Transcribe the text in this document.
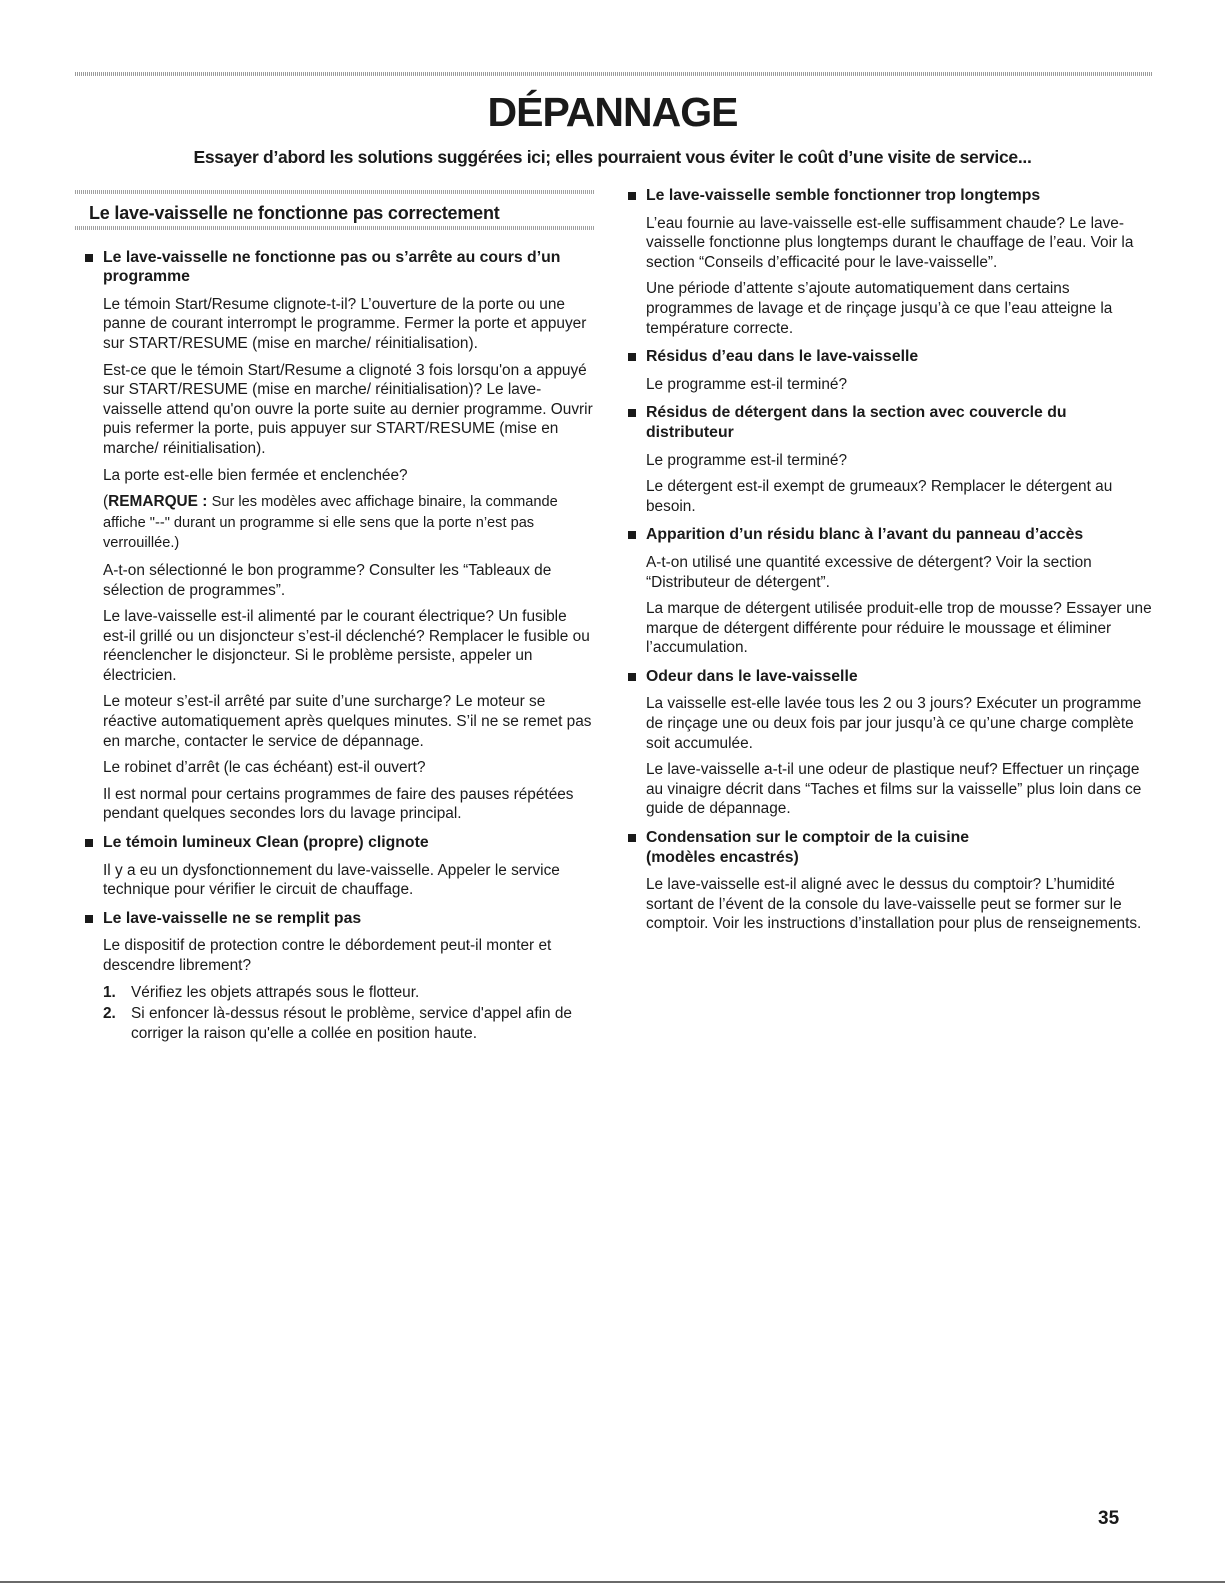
DÉPANNAGE

Essayer d’abord les solutions suggérées ici; elles pourraient vous éviter le coût d’une visite de service...

Le lave-vaisselle ne fonctionne pas correctement

Le lave-vaisselle ne fonctionne pas ou s’arrête au cours d’un programme

Le témoin Start/Resume clignote-t-il? L’ouverture de la porte ou une panne de courant interrompt le programme. Fermer la porte et appuyer sur START/RESUME (mise en marche/ réinitialisation).

Est-ce que le témoin Start/Resume a clignoté 3 fois lorsqu'on a appuyé sur START/RESUME (mise en marche/ réinitialisation)? Le lave-vaisselle attend qu'on ouvre la porte suite au dernier programme. Ouvrir puis refermer la porte, puis appuyer sur START/RESUME (mise en marche/ réinitialisation).

La porte est-elle bien fermée et enclenchée?

(REMARQUE : Sur les modèles avec affichage binaire, la commande affiche "--" durant un programme si elle sens que la porte n’est pas verrouillée.)

A-t-on sélectionné le bon programme? Consulter les “Tableaux de sélection de programmes”.

Le lave-vaisselle est-il alimenté par le courant électrique? Un fusible est-il grillé ou un disjoncteur s’est-il déclenché? Remplacer le fusible ou réenclencher le disjoncteur. Si le problème persiste, appeler un électricien.

Le moteur s’est-il arrêté par suite d’une surcharge? Le moteur se réactive automatiquement après quelques minutes. S’il ne se remet pas en marche, contacter le service de dépannage.

Le robinet d’arrêt (le cas échéant) est-il ouvert?

Il est normal pour certains programmes de faire des pauses répétées pendant quelques secondes lors du lavage principal.

Le témoin lumineux Clean (propre) clignote

Il y a eu un dysfonctionnement du lave-vaisselle. Appeler le service technique pour vérifier le circuit de chauffage.

Le lave-vaisselle ne se remplit pas

Le dispositif de protection contre le débordement peut-il monter et descendre librement?

1. Vérifiez les objets attrapés sous le flotteur.
2. Si enfoncer là-dessus résout le problème, service d'appel afin de corriger la raison qu'elle a collée en position haute.

Le lave-vaisselle semble fonctionner trop longtemps

L’eau fournie au lave-vaisselle est-elle suffisamment chaude? Le lave-vaisselle fonctionne plus longtemps durant le chauffage de l’eau. Voir la section “Conseils d’efficacité pour le lave-vaisselle”.

Une période d’attente s’ajoute automatiquement dans certains programmes de lavage et de rinçage jusqu’à ce que l’eau atteigne la température correcte.

Résidus d’eau dans le lave-vaisselle

Le programme est-il terminé?

Résidus de détergent dans la section avec couvercle du distributeur

Le programme est-il terminé?

Le détergent est-il exempt de grumeaux? Remplacer le détergent au besoin.

Apparition d’un résidu blanc à l’avant du panneau d’accès

A-t-on utilisé une quantité excessive de détergent? Voir la section “Distributeur de détergent”.

La marque de détergent utilisée produit-elle trop de mousse? Essayer une marque de détergent différente pour réduire le moussage et éliminer l’accumulation.

Odeur dans le lave-vaisselle

La vaisselle est-elle lavée tous les 2 ou 3 jours? Exécuter un programme de rinçage une ou deux fois par jour jusqu’à ce qu’une charge complète soit accumulée.

Le lave-vaisselle a-t-il une odeur de plastique neuf? Effectuer un rinçage au vinaigre décrit dans “Taches et films sur la vaisselle” plus loin dans ce guide de dépannage.

Condensation sur le comptoir de la cuisine
(modèles encastrés)

Le lave-vaisselle est-il aligné avec le dessus du comptoir? L’humidité sortant de l’évent de la console du lave-vaisselle peut se former sur le comptoir. Voir les instructions d’installation pour plus de renseignements.

35
